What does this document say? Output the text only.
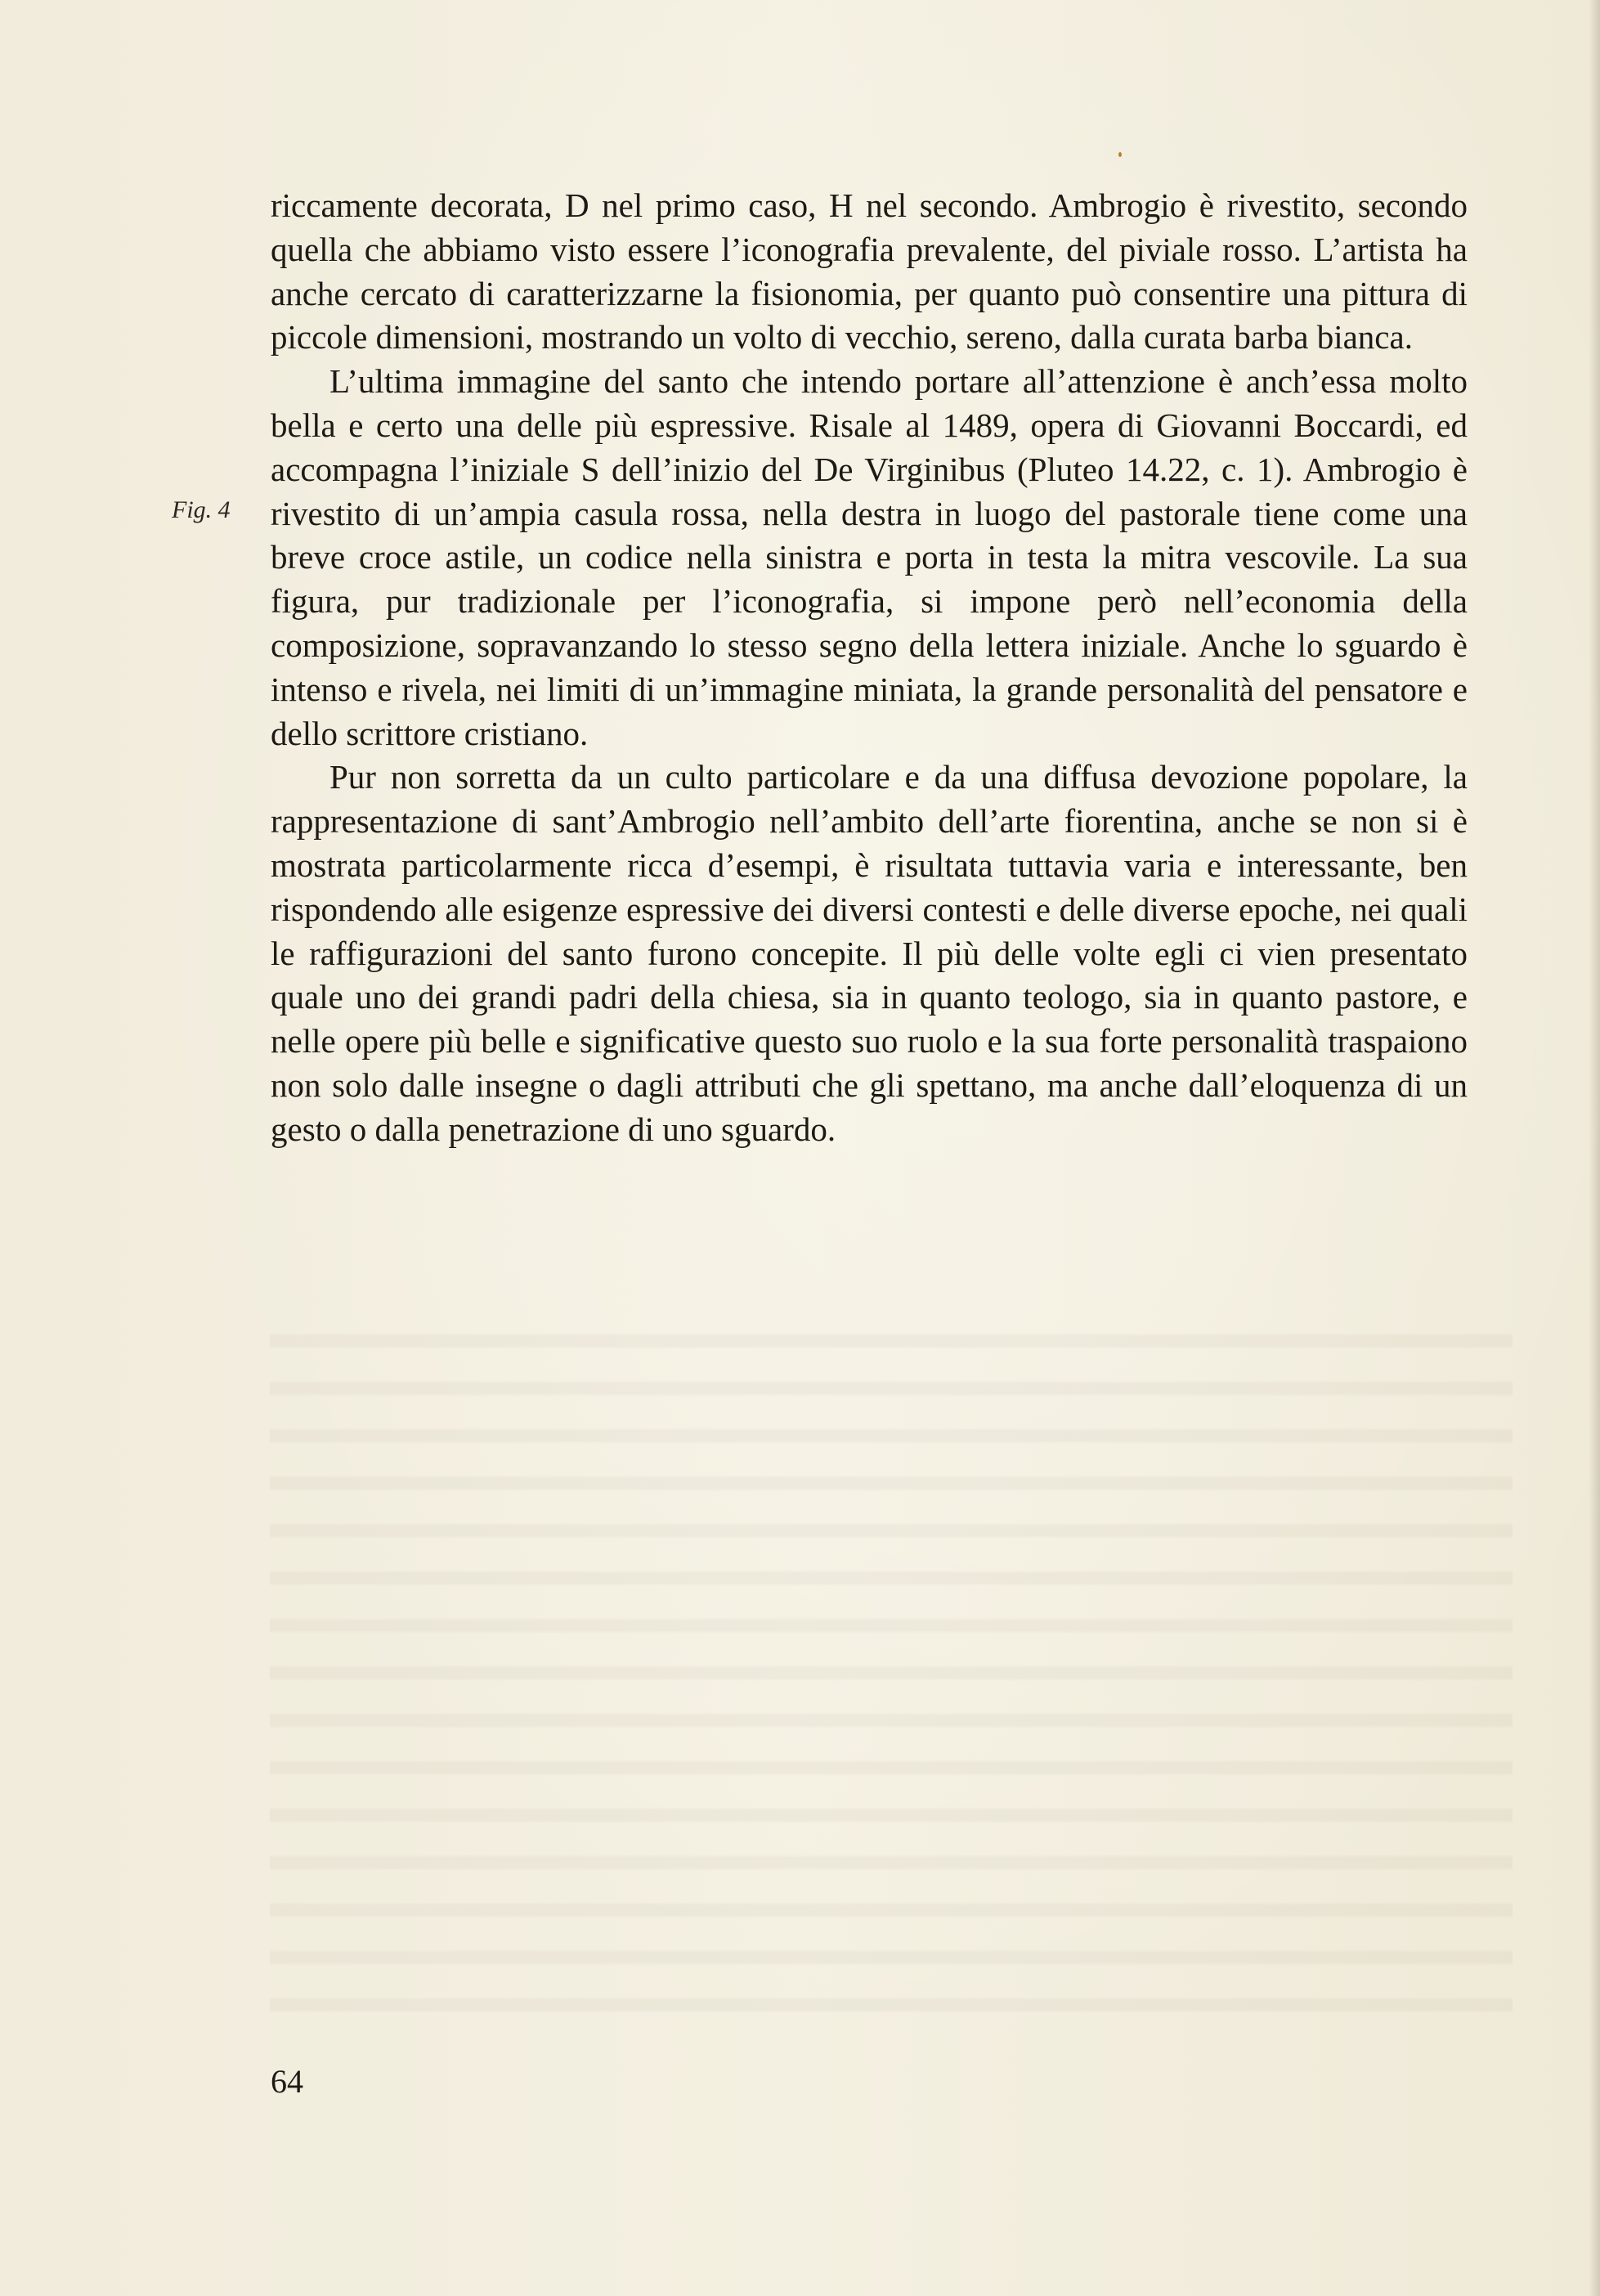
Fig. 4

riccamente decorata, D nel primo caso, H nel secondo. Ambrogio è rivestito, secondo quella che abbiamo visto essere l’iconografia prevalente, del piviale rosso. L’artista ha anche cercato di caratterizzarne la fisionomia, per quanto può consentire una pittura di piccole dimensioni, mostrando un volto di vecchio, sereno, dalla curata barba bianca.

L’ultima immagine del santo che intendo portare all’attenzione è anch’essa molto bella e certo una delle più espressive. Risale al 1489, opera di Giovanni Boccardi, ed accompagna l’iniziale S dell’inizio del De Virginibus (Pluteo 14.22, c. 1). Ambrogio è rivestito di un’ampia casula rossa, nella destra in luogo del pastorale tiene come una breve croce astile, un codice nella sinistra e porta in testa la mitra vescovile. La sua figura, pur tradizionale per l’iconografia, si impone però nell’economia della composizione, sopravanzando lo stesso segno della lettera iniziale. Anche lo sguardo è intenso e rivela, nei limiti di un’immagine miniata, la grande personalità del pensatore e dello scrittore cristiano.

Pur non sorretta da un culto particolare e da una diffusa devozione popolare, la rappresentazione di sant’Ambrogio nell’ambito dell’arte fiorentina, anche se non si è mostrata particolarmente ricca d’esempi, è risultata tuttavia varia e interessante, ben rispondendo alle esigenze espressive dei diversi contesti e delle diverse epoche, nei quali le raffigurazioni del santo furono concepite. Il più delle volte egli ci vien presentato quale uno dei grandi padri della chiesa, sia in quanto teologo, sia in quanto pastore, e nelle opere più belle e significative questo suo ruolo e la sua forte personalità traspaiono non solo dalle insegne o dagli attributi che gli spettano, ma anche dall’eloquenza di un gesto o dalla penetrazione di uno sguardo.

64
